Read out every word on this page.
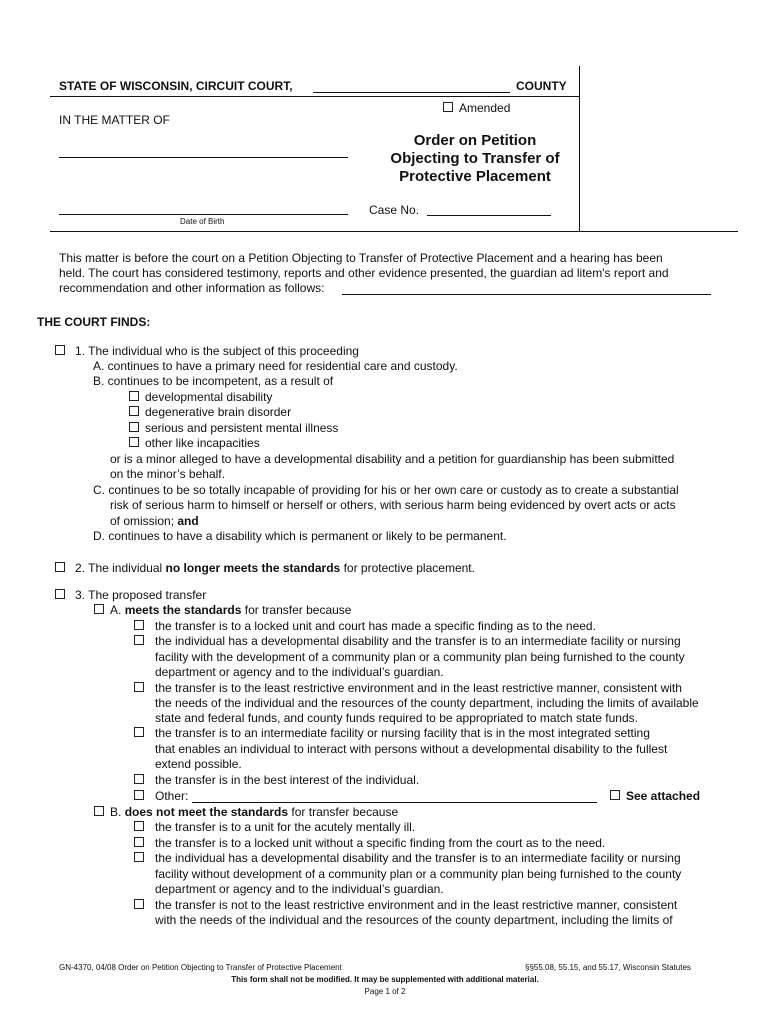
STATE OF WISCONSIN, CIRCUIT COURT,	COUNTY
Amended
IN THE MATTER OF
Order on Petition
Objecting to Transfer of
Protective Placement
Date of Birth
Case No.
This matter is before the court on a Petition Objecting to Transfer of Protective Placement and a hearing has been
held. The court has considered testimony, reports and other evidence presented, the guardian ad litem's report and
recommendation and other information as follows:
THE COURT FINDS:
1. The individual who is the subject of this proceeding
A. continues to have a primary need for residential care and custody.
B. continues to be incompetent, as a result of
developmental disability
degenerative brain disorder
serious and persistent mental illness
other like incapacities
or is a minor alleged to have a developmental disability and a petition for guardianship has been submitted
on the minor’s behalf.
C. continues to be so totally incapable of providing for his or her own care or custody as to create a substantial
risk of serious harm to himself or herself or others, with serious harm being evidenced by overt acts or acts
of omission; and
D. continues to have a disability which is permanent or likely to be permanent.
2. The individual no longer meets the standards for protective placement.
3. The proposed transfer
A. meets the standards for transfer because
the transfer is to a locked unit and court has made a specific finding as to the need.
the individual has a developmental disability and the transfer is to an intermediate facility or nursing
facility with the development of a community plan or a community plan being furnished to the county
department or agency and to the individual’s guardian.
the transfer is to the least restrictive environment and in the least restrictive manner, consistent with
the needs of the individual and the resources of the county department, including the limits of available
state and federal funds, and county funds required to be appropriated to match state funds.
the transfer is to an intermediate facility or nursing facility that is in the most integrated setting
that enables an individual to interact with persons without a developmental disability to the fullest
extend possible.
the transfer is in the best interest of the individual.
Other:	See attached
B. does not meet the standards for transfer because
the transfer is to a unit for the acutely mentally ill.
the transfer is to a locked unit without a specific finding from the court as to the need.
the individual has a developmental disability and the transfer is to an intermediate facility or nursing
facility without development of a community plan or a community plan being furnished to the county
department or agency and to the individual’s guardian.
the transfer is not to the least restrictive environment and in the least restrictive manner, consistent
with the needs of the individual and the resources of the county department, including the limits of
GN-4370, 04/08 Order on Petition Objecting to Transfer of Protective Placement	§§55.08, 55.15, and 55.17, Wisconsin Statutes
This form shall not be modified. It may be supplemented with additional material.
Page 1 of 2
